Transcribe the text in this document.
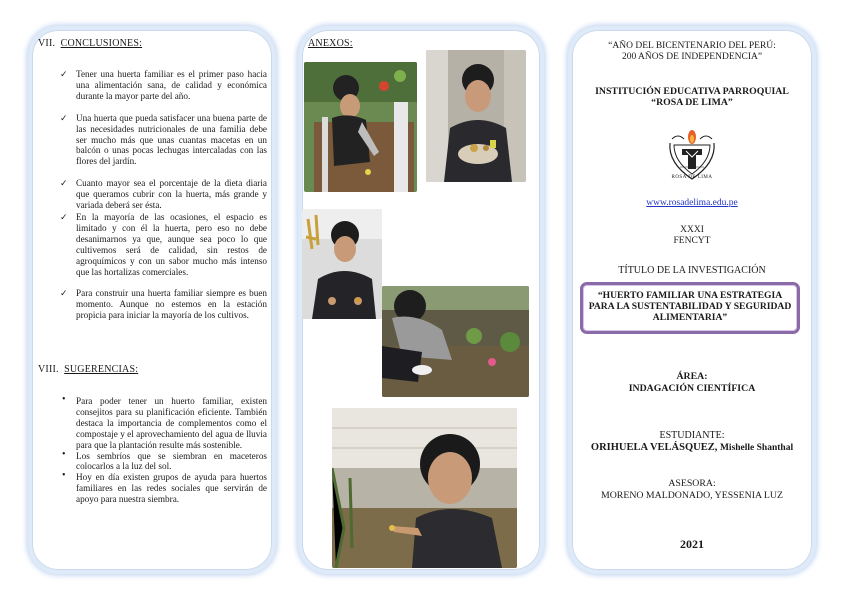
VII. CONCLUSIONES:
✓ Tener una huerta familiar es el primer paso hacia una alimentación sana, de calidad y económica durante la mayor parte del año.
✓ Una huerta que pueda satisfacer una buena parte de las necesidades nutricionales de una familia debe ser mucho más que unas cuantas macetas en un balcón o unas pocas lechugas intercaladas con las flores del jardín.
✓ Cuanto mayor sea el porcentaje de la dieta diaria que queramos cubrir con la huerta, más grande y variada deberá ser ésta.
✓ En la mayoría de las ocasiones, el espacio es limitado y con él la huerta, pero eso no debe desanimarnos ya que, aunque sea poco lo que cultivemos será de calidad, sin restos de agroquímicos y con un sabor mucho más intenso que las hortalizas comerciales.
✓ Para construir una huerta familiar siempre es buen momento. Aunque no estemos en la estación propicia para iniciar la mayoría de los cultivos.
VIII. SUGERENCIAS:
• Para poder tener un huerto familiar, existen consejitos para su planificación eficiente. También destaca la importancia de complementos como el compostaje y el aprovechamiento del agua de lluvia para que la plantación resulte más sostenible.
• Los sembríos que se siembran en maceteros colocarlos a la luz del sol.
• Hoy en día existen grupos de ayuda para huertos familiares en las redes sociales que servirán de apoyo para nuestra siembra.
ANEXOS:	“AÑO DEL BICENTENARIO DEL PERÚ:
200 AÑOS DE INDEPENDENCIA”
INSTITUCIÓN EDUCATIVA PARROQUIAL
“ROSA DE LIMA”
ROSA DE LIMA
www.rosadelima.edu.pe
XXXI
FENCYT
TÍTULO DE LA INVESTIGACIÓN
“HUERTO FAMILIAR UNA ESTRATEGIA
PARA LA SUSTENTABILIDAD Y SEGURIDAD
ALIMENTARIA”
ÁREA:
INDAGACIÓN CIENTÍFICA
ESTUDIANTE:
ORIHUELA VELÁSQUEZ, Mishelle Shanthal
ASESORA:
MORENO MALDONADO, YESSENIA LUZ
2021
